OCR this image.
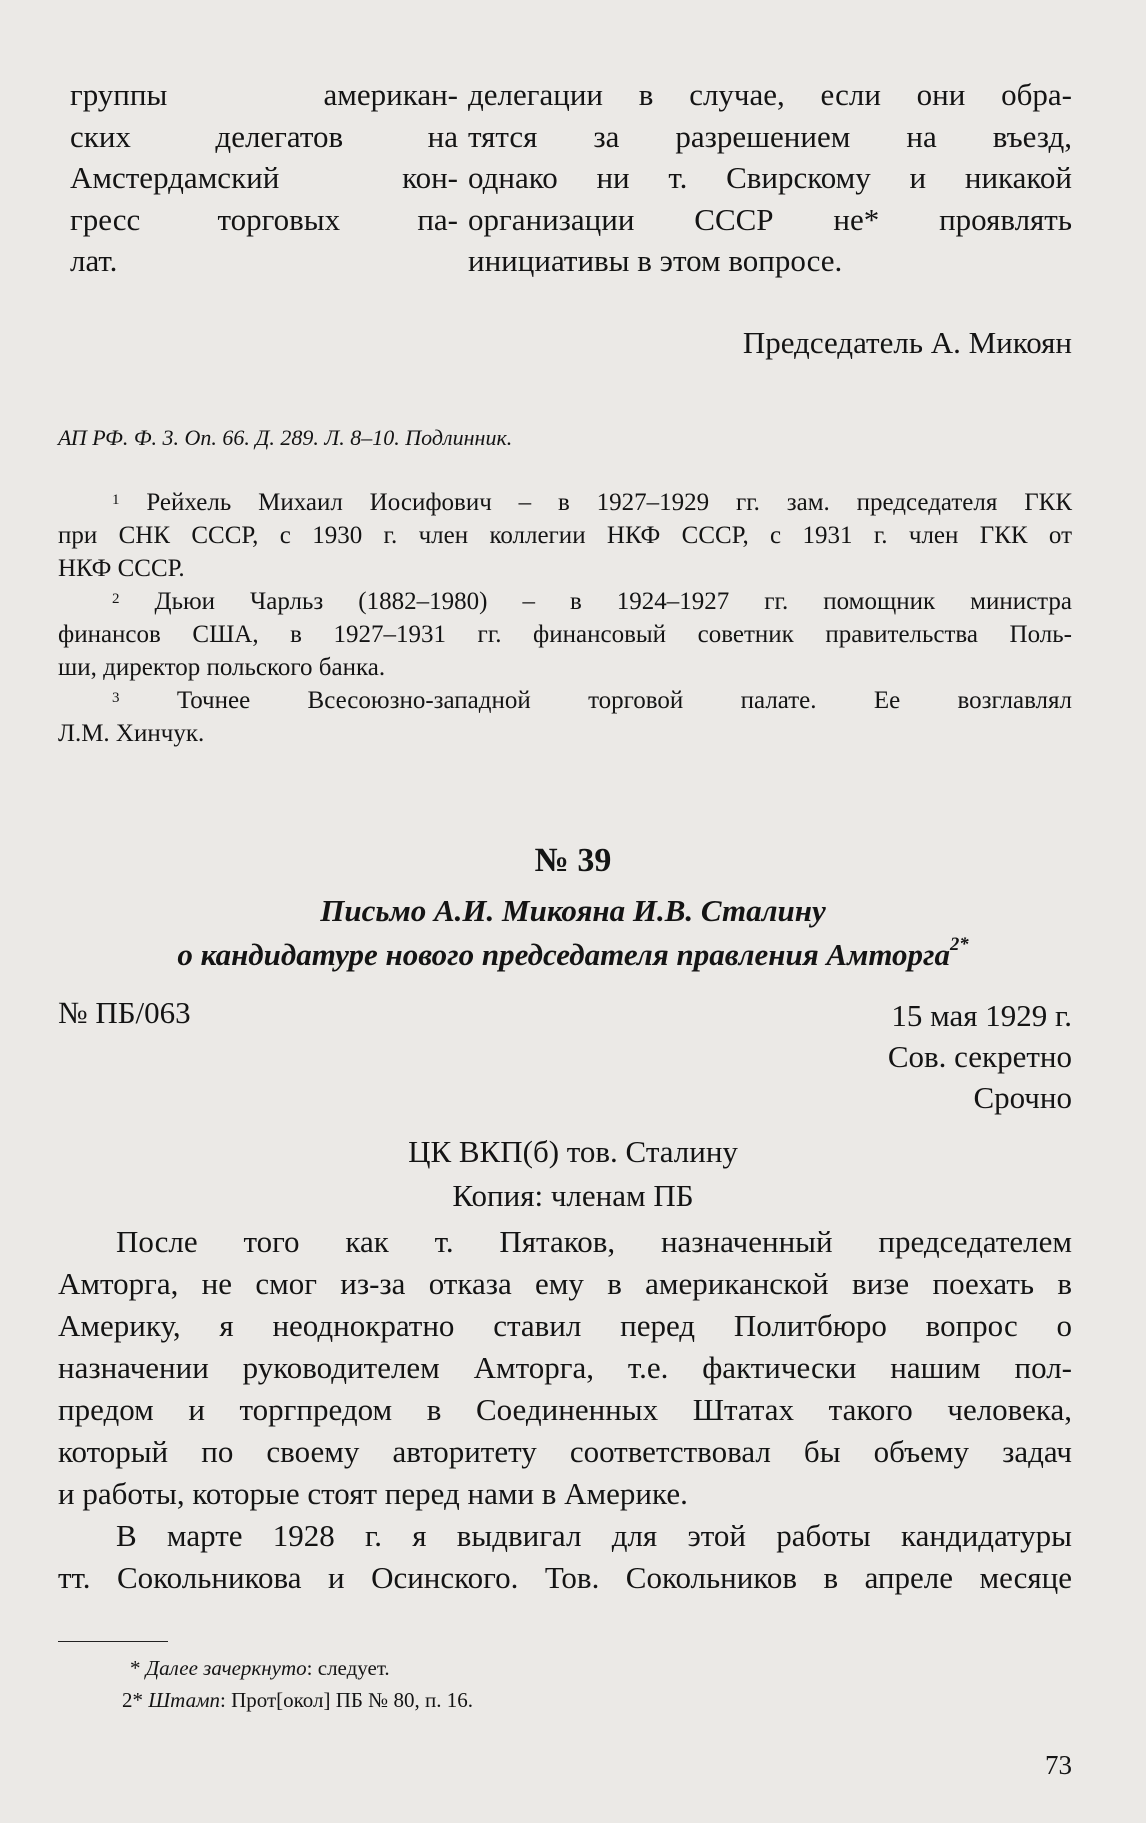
группы американ-
ских делегатов на
Амстердамский кон-
гресс торговых па-
лат.
делегации в случае, если они обра-
тятся за разрешением на въезд,
однако ни т. Свирскому и никакой
организации СССР не* проявлять
инициативы в этом вопросе.
Председатель А. Микоян
АП РФ. Ф. 3. Оп. 66. Д. 289. Л. 8–10. Подлинник.
$^1$ Рейхель Михаил Иосифович – в 1927–1929 гг. зам. председателя ГКК
при СНК СССР, с 1930 г. член коллегии НКФ СССР, с 1931 г. член ГКК от
НКФ СССР.
$^2$ Дьюи Чарльз (1882–1980) – в 1924–1927 гг. помощник министра
финансов США, в 1927–1931 гг. финансовый советник правительства Поль-
ши, директор польского банка.
$^3$ Точнее Всесоюзно-западной торговой палате. Ее возглавлял
Л.М. Хинчук.
№ 39
Письмо А.И. Микояна И.В. Сталину
о кандидатуре нового председателя правления Амторга$^{2*}$
№ ПБ/063	15 мая 1929 г.
Сов. секретно
Срочно
ЦК ВКП(б) тов. Сталину
Копия: членам ПБ
После того как т. Пятаков, назначенный председателем
Амторга, не смог из-за отказа ему в американской визе поехать в
Америку, я неоднократно ставил перед Политбюро вопрос о
назначении руководителем Амторга, т.е. фактически нашим пол-
предом и торгпредом в Соединенных Штатах такого человека,
который по своему авторитету соответствовал бы объему задач
и работы, которые стоят перед нами в Америке.
В марте 1928 г. я выдвигал для этой работы кандидатуры
тт. Сокольникова и Осинского. Тов. Сокольников в апреле месяце
* Далее зачеркнуто: следует.
2* Штамп: Прот[окол] ПБ № 80, п. 16.
73
